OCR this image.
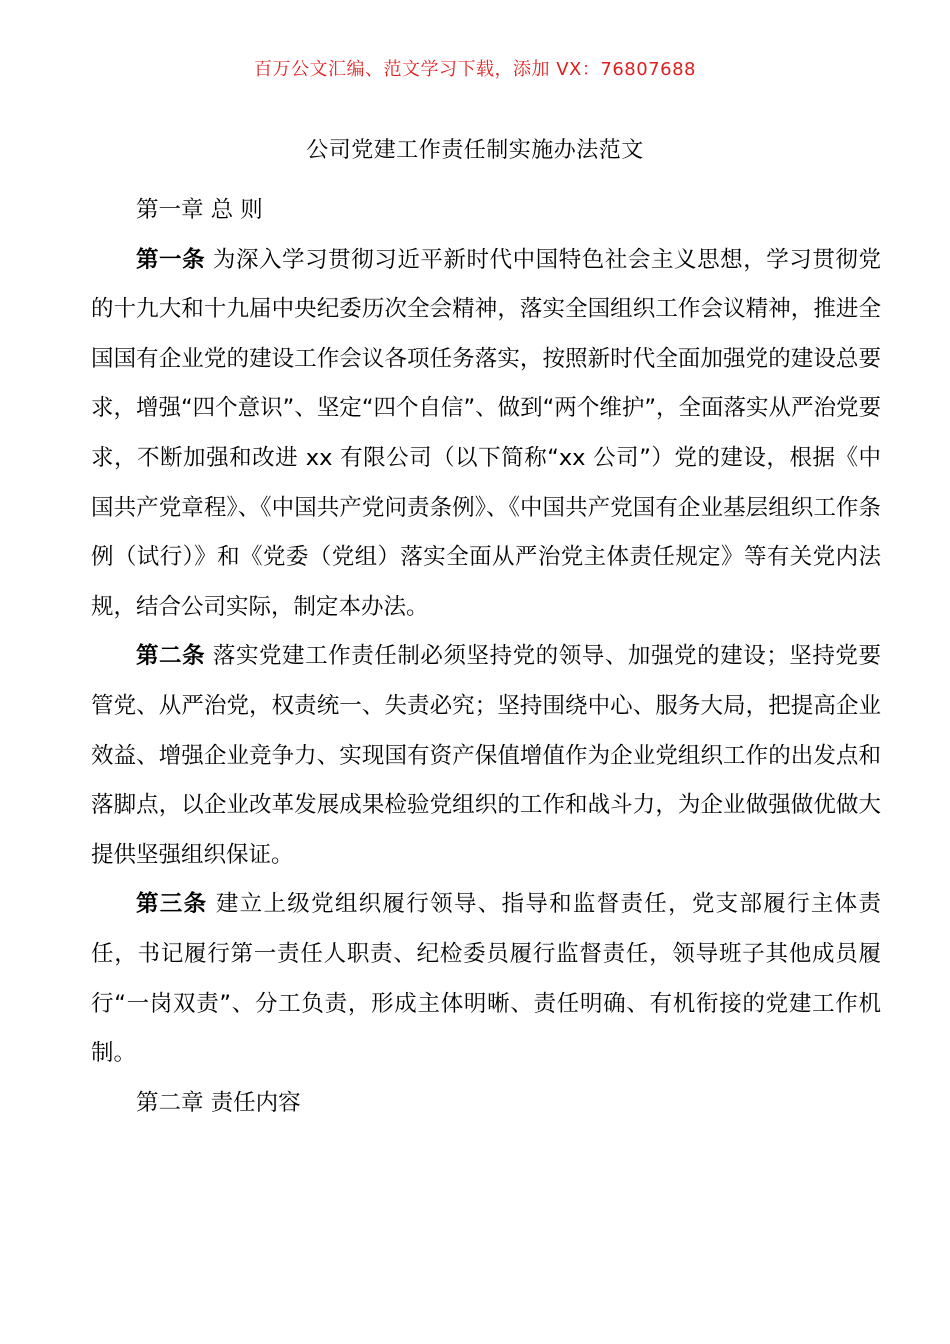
百万公文汇编、范文学习下载，添加 VX：76807688
公司党建工作责任制实施办法范文

第一章 总 则

第一条 为深入学习贯彻习近平新时代中国特色社会主义思想，学习贯彻党的十九大和十九届中央纪委历次全会精神，落实全国组织工作会议精神，推进全国国有企业党的建设工作会议各项任务落实，按照新时代全面加强党的建设总要求，增强“四个意识”、坚定“四个自信”、做到“两个维护”，全面落实从严治党要求，不断加强和改进 xx 有限公司（以下简称“xx 公司”）党的建设，根据《中国共产党章程》、《中国共产党问责条例》、《中国共产党国有企业基层组织工作条例（试行）》和《党委（党组）落实全面从严治党主体责任规定》等有关党内法规，结合公司实际，制定本办法。

第二条 落实党建工作责任制必须坚持党的领导、加强党的建设；坚持党要管党、从严治党，权责统一、失责必究；坚持围绕中心、服务大局，把提高企业效益、增强企业竞争力、实现国有资产保值增值作为企业党组织工作的出发点和落脚点，以企业改革发展成果检验党组织的工作和战斗力，为企业做强做优做大提供坚强组织保证。

第三条 建立上级党组织履行领导、指导和监督责任，党支部履行主体责任，书记履行第一责任人职责、纪检委员履行监督责任，领导班子其他成员履行“一岗双责”、分工负责，形成主体明晰、责任明确、有机衔接的党建工作机制。

第二章 责任内容
